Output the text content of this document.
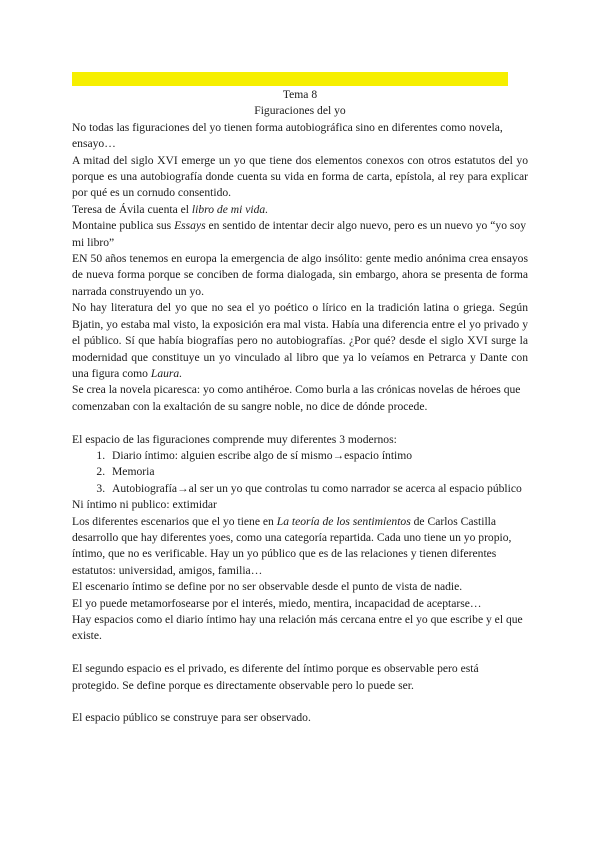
Tema 8

Figuraciones del yo

No todas las figuraciones del yo tienen forma autobiográfica sino en diferentes como novela, ensayo…

A mitad del siglo XVI emerge un yo que tiene dos elementos conexos con otros estatutos del yo porque es una autobiografía donde cuenta su vida en forma de carta, epístola, al rey para explicar por qué es un cornudo consentido.

Teresa de Ávila cuenta el libro de mi vida.

Montaine publica sus Essays en sentido de intentar decir algo nuevo, pero es un nuevo yo “yo soy mi libro”

EN 50 años tenemos en europa la emergencia de algo insólito: gente medio anónima crea ensayos de nueva forma porque se conciben de forma dialogada, sin embargo, ahora se presenta de forma narrada construyendo un yo.

No hay literatura del yo que no sea el yo poético o lírico en la tradición latina o griega. Según Bjatin, yo estaba mal visto, la exposición era mal vista. Había una diferencia entre el yo privado y el público. Sí que había biografías pero no autobiografías. ¿Por qué? desde el siglo XVI surge la modernidad que constituye un yo vinculado al libro que ya lo veíamos en Petrarca y Dante con una figura como Laura.

Se crea la novela picaresca: yo como antihéroe. Como burla a las crónicas novelas de héroes que comenzaban con la exaltación de su sangre noble, no dice de dónde procede.

El espacio de las figuraciones comprende muy diferentes 3 modernos:

1. Diario íntimo: alguien escribe algo de sí mismo→espacio íntimo
2. Memoria
3. Autobiografía→al ser un yo que controlas tu como narrador se acerca al espacio público

Ni íntimo ni publico: extimidar

Los diferentes escenarios que el yo tiene en La teoría de los sentimientos de Carlos Castilla desarrollo que hay diferentes yoes, como una categoría repartida. Cada uno tiene un yo propio, íntimo, que no es verificable. Hay un yo público que es de las relaciones y tienen diferentes estatutos: universidad, amigos, familia…

El escenario íntimo se define por no ser observable desde el punto de vista de nadie.

El yo puede metamorfosearse por el interés, miedo, mentira, incapacidad de aceptarse…

Hay espacios como el diario íntimo hay una relación más cercana entre el yo que escribe y el que existe.

El segundo espacio es el privado, es diferente del íntimo porque es observable pero está protegido. Se define porque es directamente observable pero lo puede ser.

El espacio público se construye para ser observado.
